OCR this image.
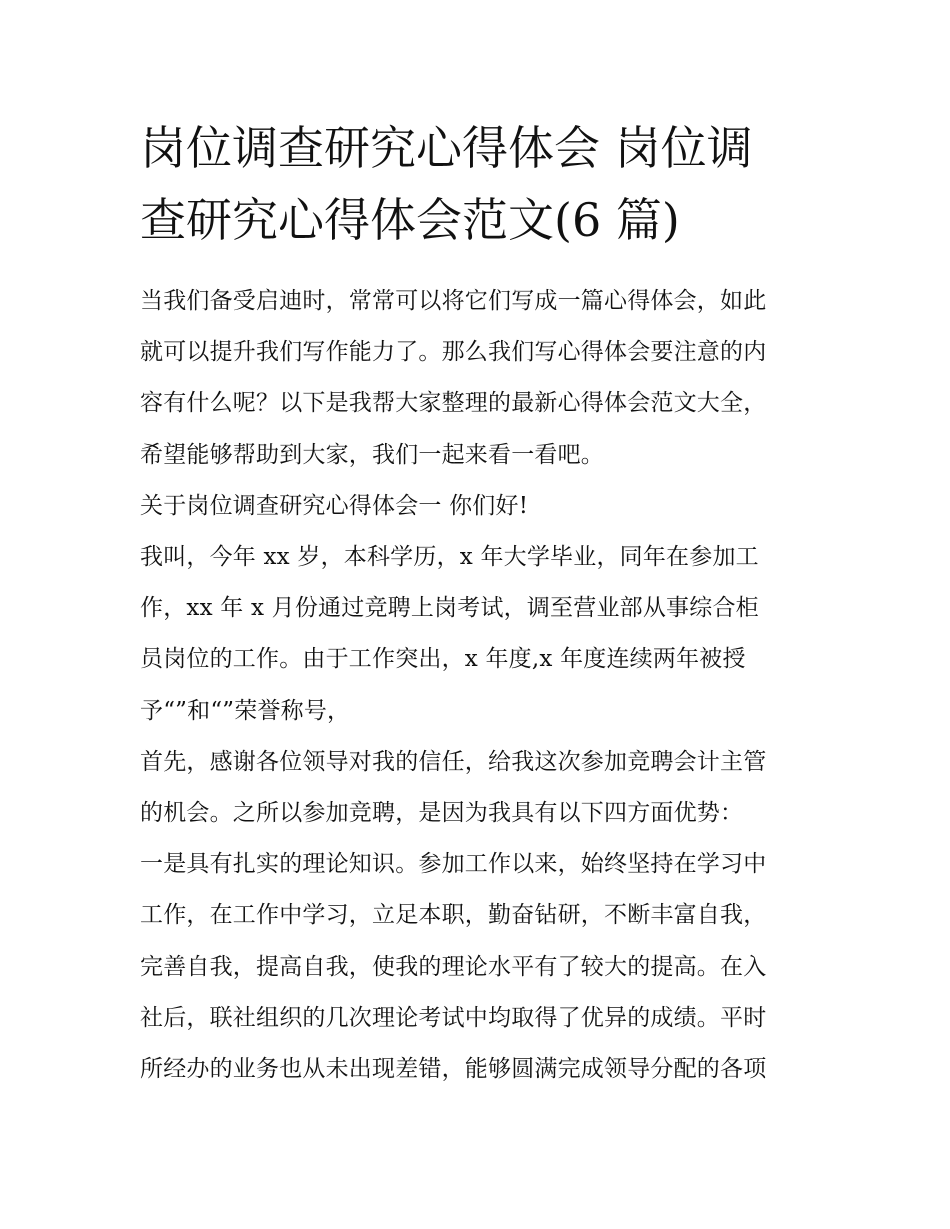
岗位调查研究心得体会 岗位调
查研究心得体会范文(6 篇)

当我们备受启迪时，常常可以将它们写成一篇心得体会，如此

就可以提升我们写作能力了。那么我们写心得体会要注意的内

容有什么呢？以下是我帮大家整理的最新心得体会范文大全，

希望能够帮助到大家，我们一起来看一看吧。

关于岗位调查研究心得体会一 你们好!

我叫，今年 xx 岁，本科学历，x 年大学毕业，同年在参加工

作，xx 年 x 月份通过竞聘上岗考试，调至营业部从事综合柜

员岗位的工作。由于工作突出，x 年度,x 年度连续两年被授

予“”和“”荣誉称号，

首先，感谢各位领导对我的信任，给我这次参加竞聘会计主管

的机会。之所以参加竞聘，是因为我具有以下四方面优势：

一是具有扎实的理论知识。参加工作以来，始终坚持在学习中

工作，在工作中学习，立足本职，勤奋钻研，不断丰富自我，

完善自我，提高自我，使我的理论水平有了较大的提高。在入

社后，联社组织的几次理论考试中均取得了优异的成绩。平时

所经办的业务也从未出现差错，能够圆满完成领导分配的各项
